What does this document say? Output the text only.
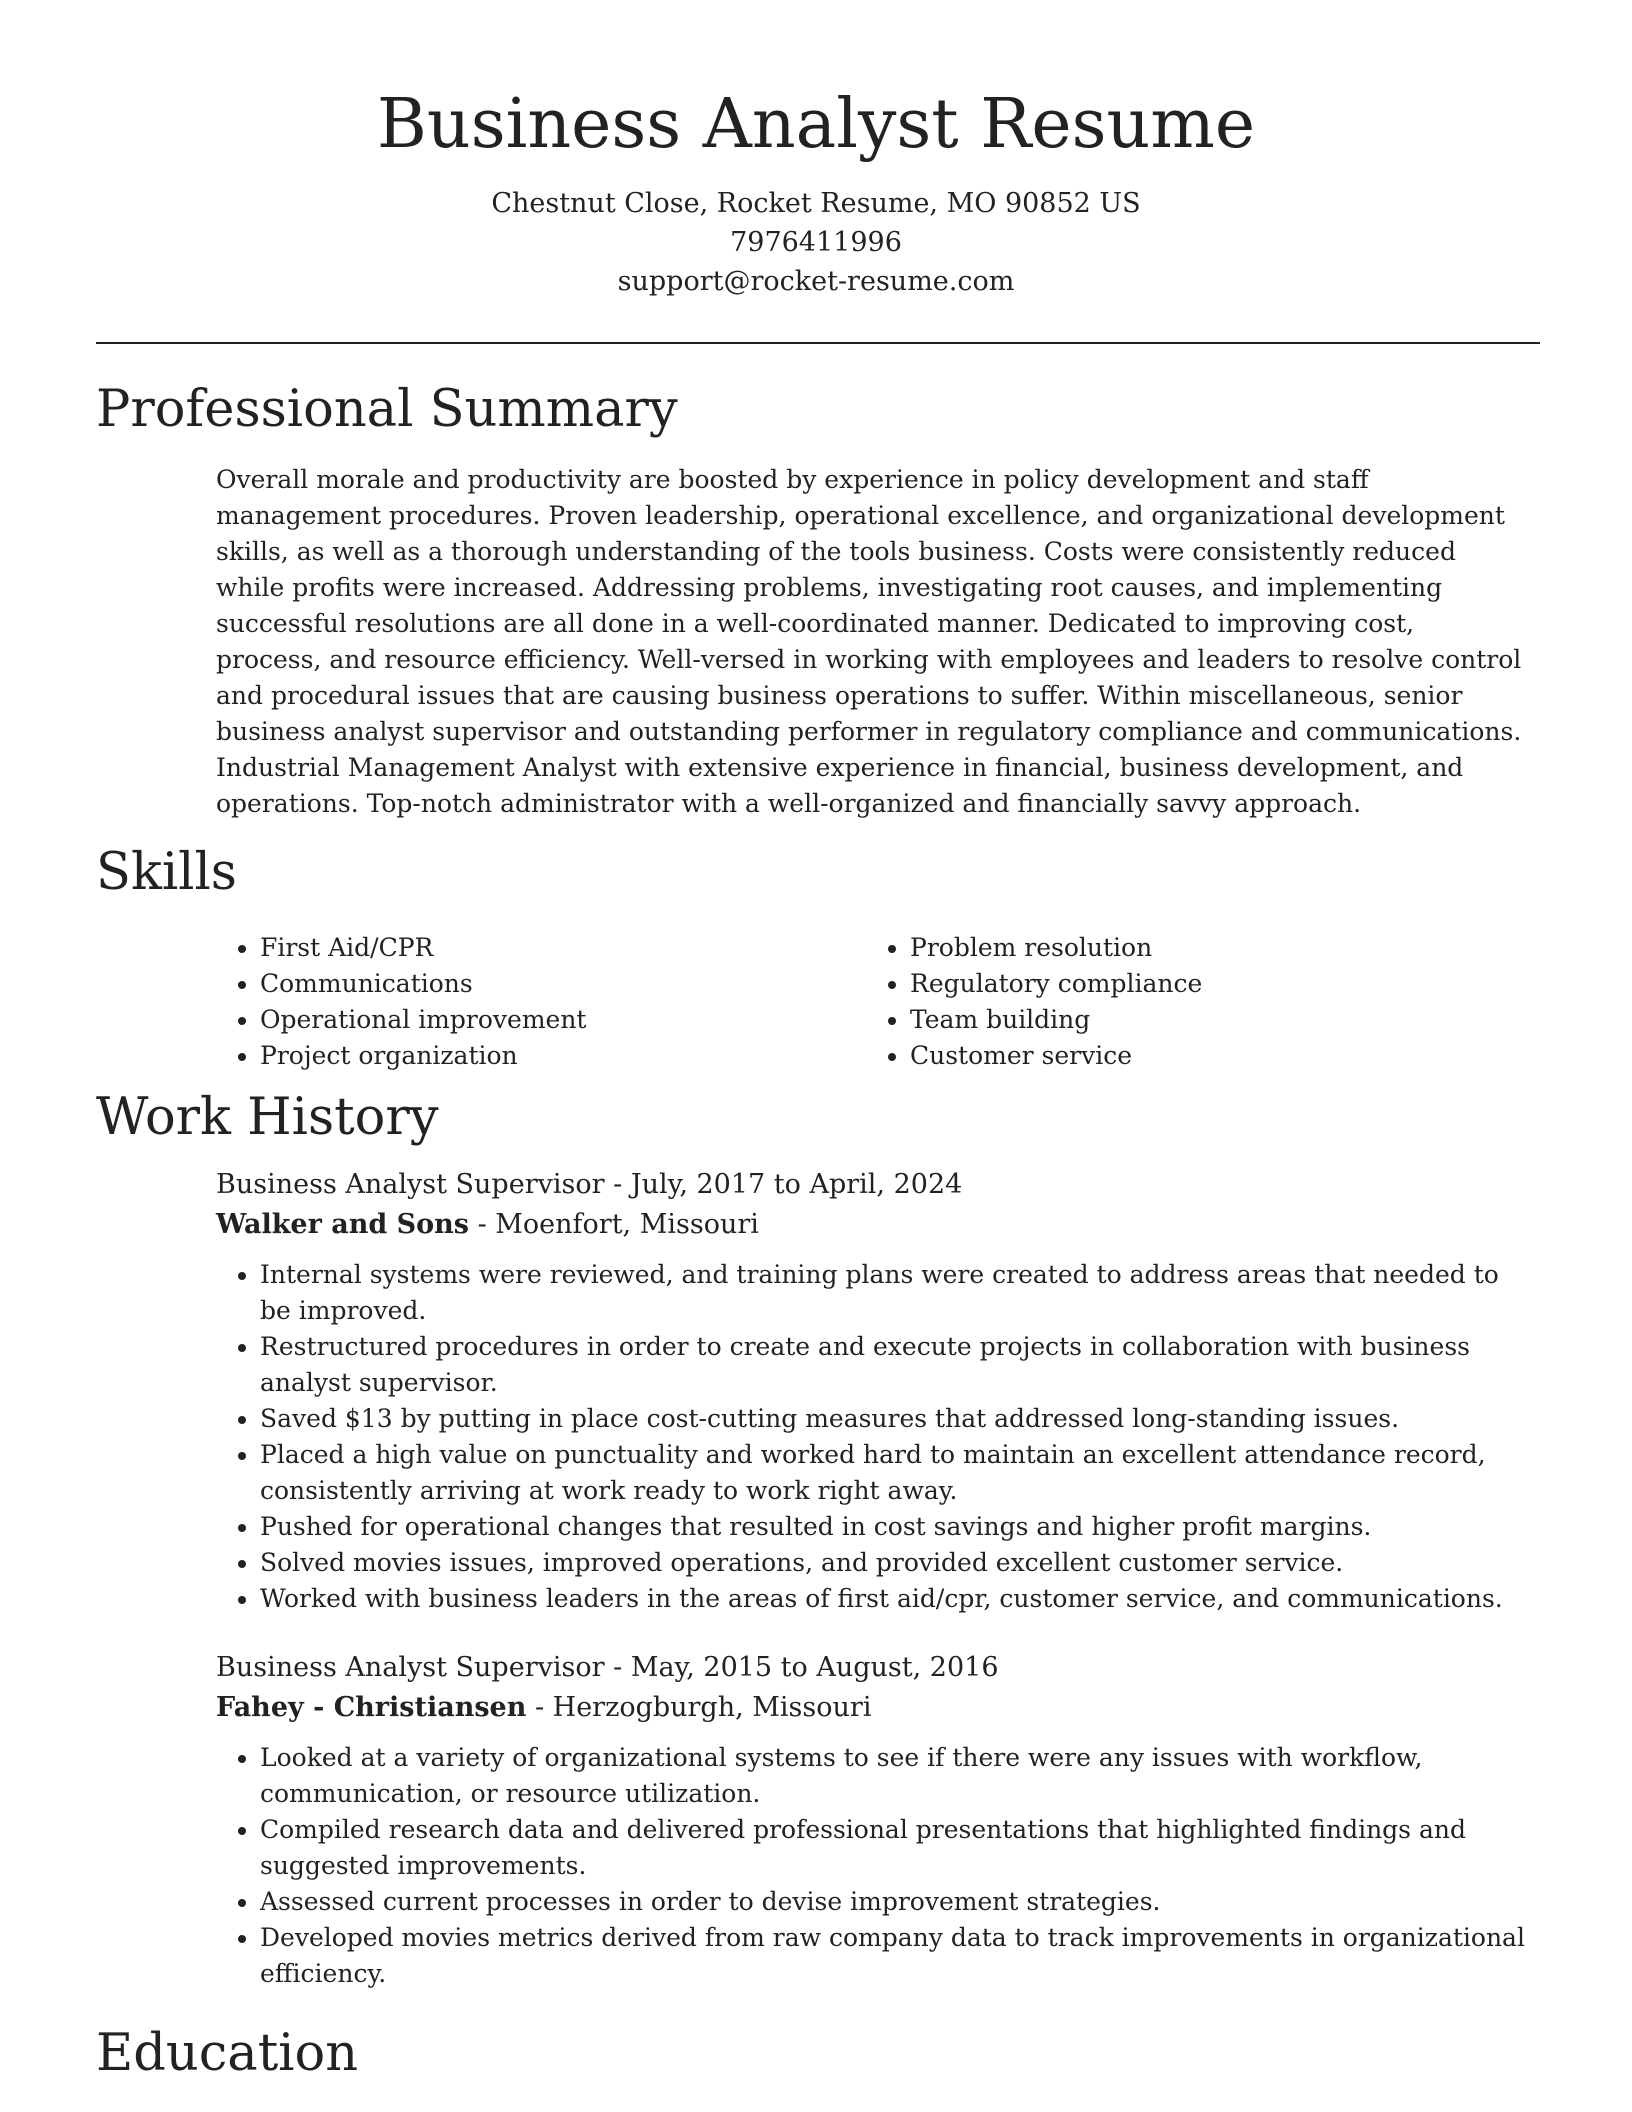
Business Analyst Resume

Chestnut Close, Rocket Resume, MO 90852 US

7976411996

support@rocket-resume.com

Professional Summary

Overall morale and productivity are boosted by experience in policy development and staff management procedures. Proven leadership, operational excellence, and organizational development skills, as well as a thorough understanding of the tools business. Costs were consistently reduced while profits were increased. Addressing problems, investigating root causes, and implementing successful resolutions are all done in a well-coordinated manner. Dedicated to improving cost, process, and resource efficiency. Well-versed in working with employees and leaders to resolve control and procedural issues that are causing business operations to suffer. Within miscellaneous, senior business analyst supervisor and outstanding performer in regulatory compliance and communications. Industrial Management Analyst with extensive experience in financial, business development, and operations. Top-notch administrator with a well-organized and financially savvy approach.

Skills
• First Aid/CPR
• Communications
• Operational improvement
• Project organization
• Problem resolution
• Regulatory compliance
• Team building
• Customer service
Work History

Business Analyst Supervisor - July, 2017 to April, 2024

Walker and Sons - Moenfort, Missouri

• Internal systems were reviewed, and training plans were created to address areas that needed to be improved.
• Restructured procedures in order to create and execute projects in collaboration with business analyst supervisor.
• Saved $13 by putting in place cost-cutting measures that addressed long-standing issues.
• Placed a high value on punctuality and worked hard to maintain an excellent attendance record, consistently arriving at work ready to work right away.
• Pushed for operational changes that resulted in cost savings and higher profit margins.
• Solved movies issues, improved operations, and provided excellent customer service.
• Worked with business leaders in the areas of first aid/cpr, customer service, and communications.

Business Analyst Supervisor - May, 2015 to August, 2016

Fahey - Christiansen - Herzogburgh, Missouri

• Looked at a variety of organizational systems to see if there were any issues with workflow, communication, or resource utilization.
• Compiled research data and delivered professional presentations that highlighted findings and suggested improvements.
• Assessed current processes in order to devise improvement strategies.
• Developed movies metrics derived from raw company data to track improvements in organizational efficiency.
Education
